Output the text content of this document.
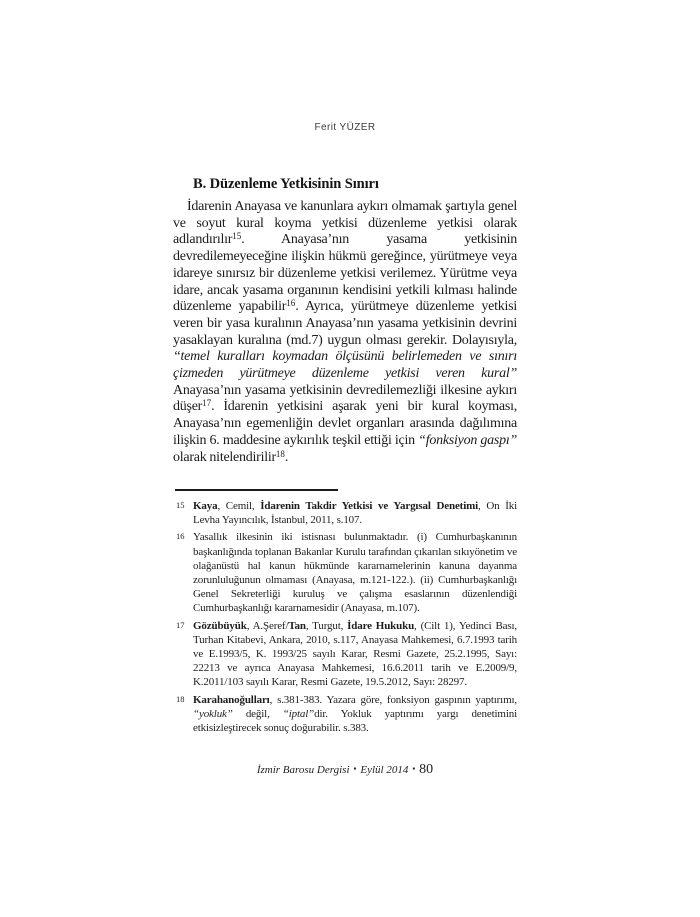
Ferit YÜZER
B. Düzenleme Yetkisinin Sınırı

İdarenin Anayasa ve kanunlara aykırı olmamak şartıyla genel ve soyut kural koyma yetkisi düzenleme yetkisi olarak adlandırılır$^{15}$. Anayasa’nın yasama yetkisinin devredilemeyeceğine ilişkin hükmü gereğince, yürütmeye veya idareye sınırsız bir düzenleme yetkisi verilemez. Yürütme veya idare, ancak yasama organının kendisini yetkili kılması halinde düzenleme yapabilir$^{16}$. Ayrıca, yürütmeye düzenleme yetkisi veren bir yasa kuralının Anayasa’nın yasama yetkisinin devrini yasaklayan kuralına (md.7) uygun olması gerekir. Dolayısıyla, “temel kuralları koymadan ölçüsünü belirlemeden ve sınırı çizmeden yürütmeye düzenleme yetkisi veren kural” Anayasa’nın yasama yetkisinin devredilemezliği ilkesine aykırı düşer$^{17}$. İdarenin yetkisini aşarak yeni bir kural koyması, Anayasa’nın egemenliğin devlet organları arasında dağılımına ilişkin 6. maddesine aykırılık teşkil ettiği için “fonksiyon gaspı” olarak nitelendirilir$^{18}$.

15 Kaya, Cemil, İdarenin Takdir Yetkisi ve Yargısal Denetimi, On İki Levha Yayıncılık, İstanbul, 2011, s.107.
16 Yasallık ilkesinin iki istisnası bulunmaktadır. (i) Cumhurbaşkanının başkanlığında toplanan Bakanlar Kurulu tarafından çıkarılan sıkıyönetim ve olağanüstü hal kanun hükmünde kararnamelerinin kanuna dayanma zorunluluğunun olmaması (Anayasa, m.121-122.). (ii) Cumhurbaşkanlığı Genel Sekreterliği kuruluş ve çalışma esaslarının düzenlendiği Cumhurbaşkanlığı kararnamesidir (Anayasa, m.107).
17 Gözübüyük, A.Şeref/Tan, Turgut, İdare Hukuku, (Cilt 1), Yedinci Bası, Turhan Kitabevi, Ankara, 2010, s.117, Anayasa Mahkemesi, 6.7.1993 tarih ve E.1993/5, K. 1993/25 sayılı Karar, Resmi Gazete, 25.2.1995, Sayı: 22213 ve ayrıca Anayasa Mahkemesi, 16.6.2011 tarih ve E.2009/9, K.2011/103 sayılı Karar, Resmi Gazete, 19.5.2012, Sayı: 28297.
18 Karahanoğulları, s.381-383. Yazara göre, fonksiyon gaspının yaptırımı, “yokluk” değil, “iptal”dir. Yokluk yaptırımı yargı denetimini etkisizleştirecek sonuç doğurabilir. s.383.
İzmir Barosu Dergisi ▪ Eylül 2014 ▪ 80
